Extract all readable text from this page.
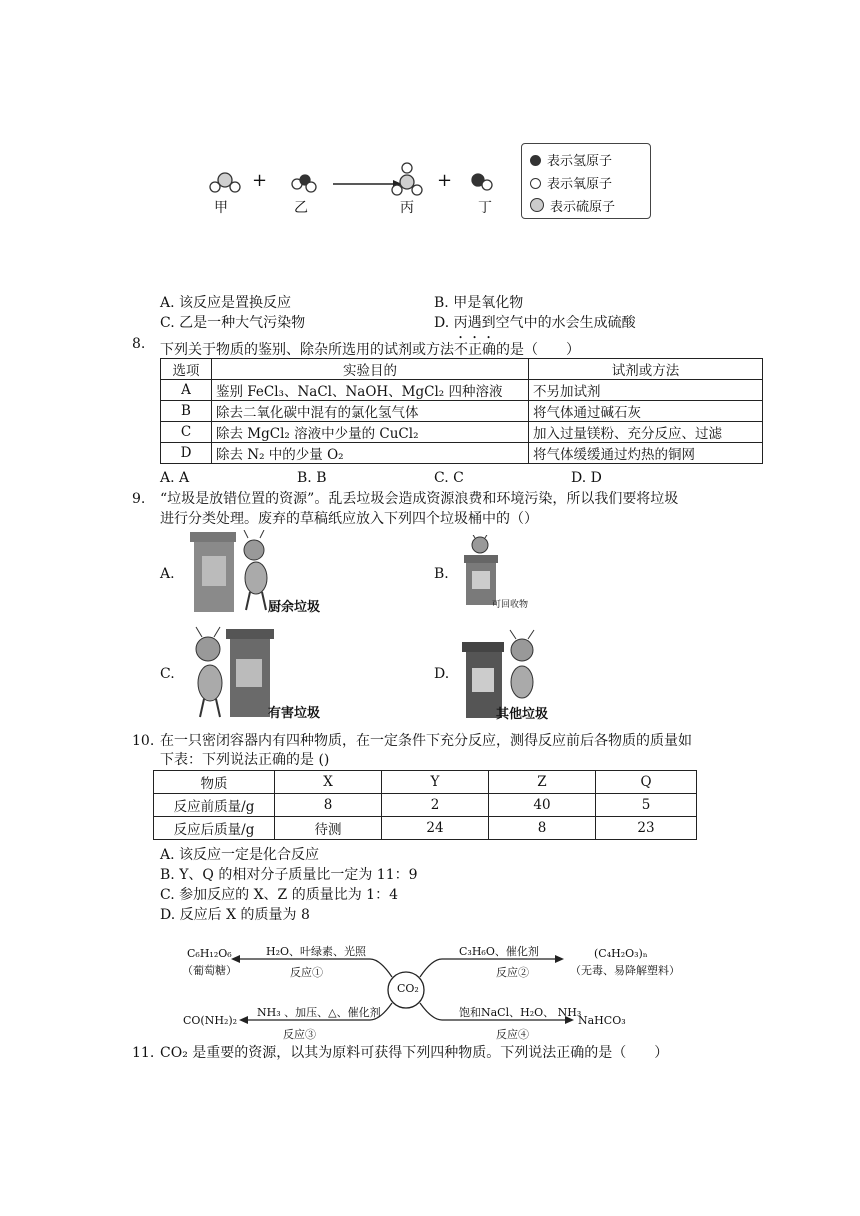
+	+
甲	乙	丙	丁
表示氢原子
表示氧原子
表示硫原子
A. 该反应是置换反应	B. 甲是氧化物
C. 乙是一种大气污染物	D. 丙遇到空气中的水会生成硫酸
8. 下列关于物质的鉴别、除杂所选用的试剂或方法不正确的是（　　）
选项	实验目的	试剂或方法
A	鉴别 FeCl₃、NaCl、NaOH、MgCl₂ 四种溶液	不另加试剂
B	除去二氧化碳中混有的氯化氢气体	将气体通过碱石灰
C	除去 MgCl₂ 溶液中少量的 CuCl₂	加入过量镁粉、充分反应、过滤
D	除去 N₂ 中的少量 O₂	将气体缓缓通过灼热的铜网
A. A	B. B	C. C	D. D
9. “垃圾是放错位置的资源”。乱丢垃圾会造成资源浪费和环境污染，所以我们要将垃圾
进行分类处理。废弃的草稿纸应放入下列四个垃圾桶中的（）
A.
厨余垃圾
B.
可回收物
C.
有害垃圾
D.
其他垃圾
10. 在一只密闭容器内有四种物质，在一定条件下充分反应，测得反应前后各物质的质量如
下表：下列说法正确的是 ()
物质	X	Y	Z	Q
反应前质量/g	8	2	40	5
反应后质量/g	待测	24	8	23
A. 该反应一定是化合反应
B. Y、Q 的相对分子质量比一定为 11：9
C. 参加反应的 X、Z 的质量比为 1：4
D. 反应后 X 的质量为 8
CO₂
C₆H₁₂O₆
（葡萄糖）
H₂O、叶绿素、光照
反应①
C₃H₆O、催化剂
反应②
(C₄H₂O₃)ₙ
（无毒、易降解塑料）
CO(NH₂)₂
NH₃ 、加压、△、催化剂
反应③
饱和NaCl、H₂O、 NH₃
反应④
NaHCO₃
11. CO₂ 是重要的资源，以其为原料可获得下列四种物质。下列说法正确的是（　　）
